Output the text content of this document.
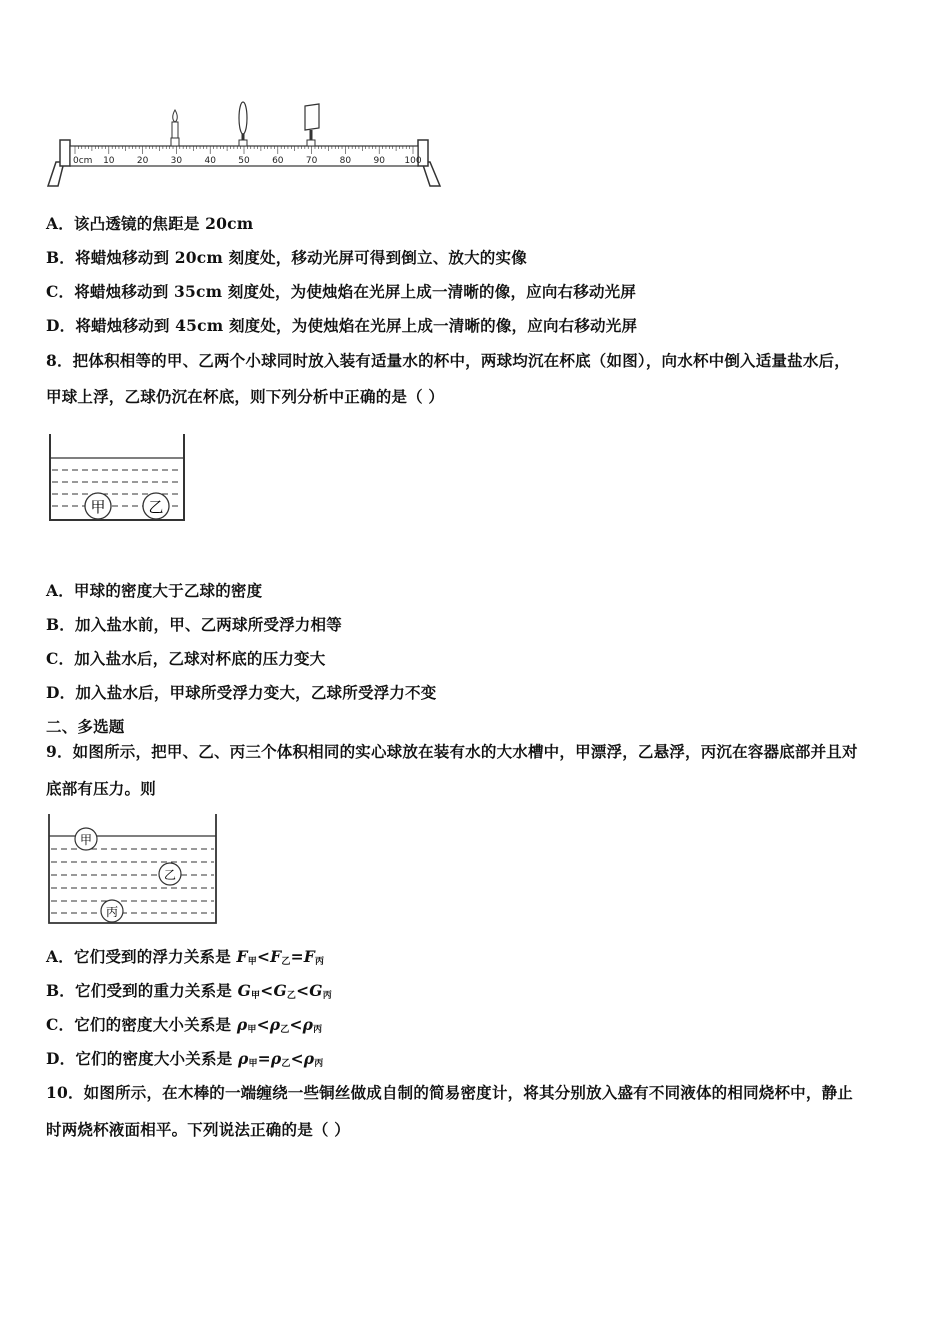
0cm 10 20 30 40 50 60 70 80 90 100
A．该凸透镜的焦距是 20cm
B．将蜡烛移动到 20cm 刻度处，移动光屏可得到倒立、放大的实像
C．将蜡烛移动到 35cm 刻度处，为使烛焰在光屏上成一清晰的像，应向右移动光屏
D．将蜡烛移动到 45cm 刻度处，为使烛焰在光屏上成一清晰的像，应向右移动光屏
8．把体积相等的甲、乙两个小球同时放入装有适量水的杯中，两球均沉在杯底（如图），向水杯中倒入适量盐水后，
甲球上浮，乙球仍沉在杯底，则下列分析中正确的是（ ）
甲	乙
A．甲球的密度大于乙球的密度
B．加入盐水前，甲、乙两球所受浮力相等
C．加入盐水后，乙球对杯底的压力变大
D．加入盐水后，甲球所受浮力变大，乙球所受浮力不变
二、多选题
9．如图所示，把甲、乙、丙三个体积相同的实心球放在装有水的大水槽中，甲漂浮，乙悬浮，丙沉在容器底部并且对
底部有压力。则
甲
乙
丙
A．它们受到的浮力关系是 $F_甲<F_乙=F_丙$
B．它们受到的重力关系是 $G_甲<G_乙<G_丙$
C．它们的密度大小关系是 $\rho_甲<\rho_乙<\rho_丙$
D．它们的密度大小关系是 $\rho_甲=\rho_乙<\rho_丙$
10．如图所示，在木棒的一端缠绕一些铜丝做成自制的简易密度计，将其分别放入盛有不同液体的相同烧杯中，静止
时两烧杯液面相平。下列说法正确的是（ ）
